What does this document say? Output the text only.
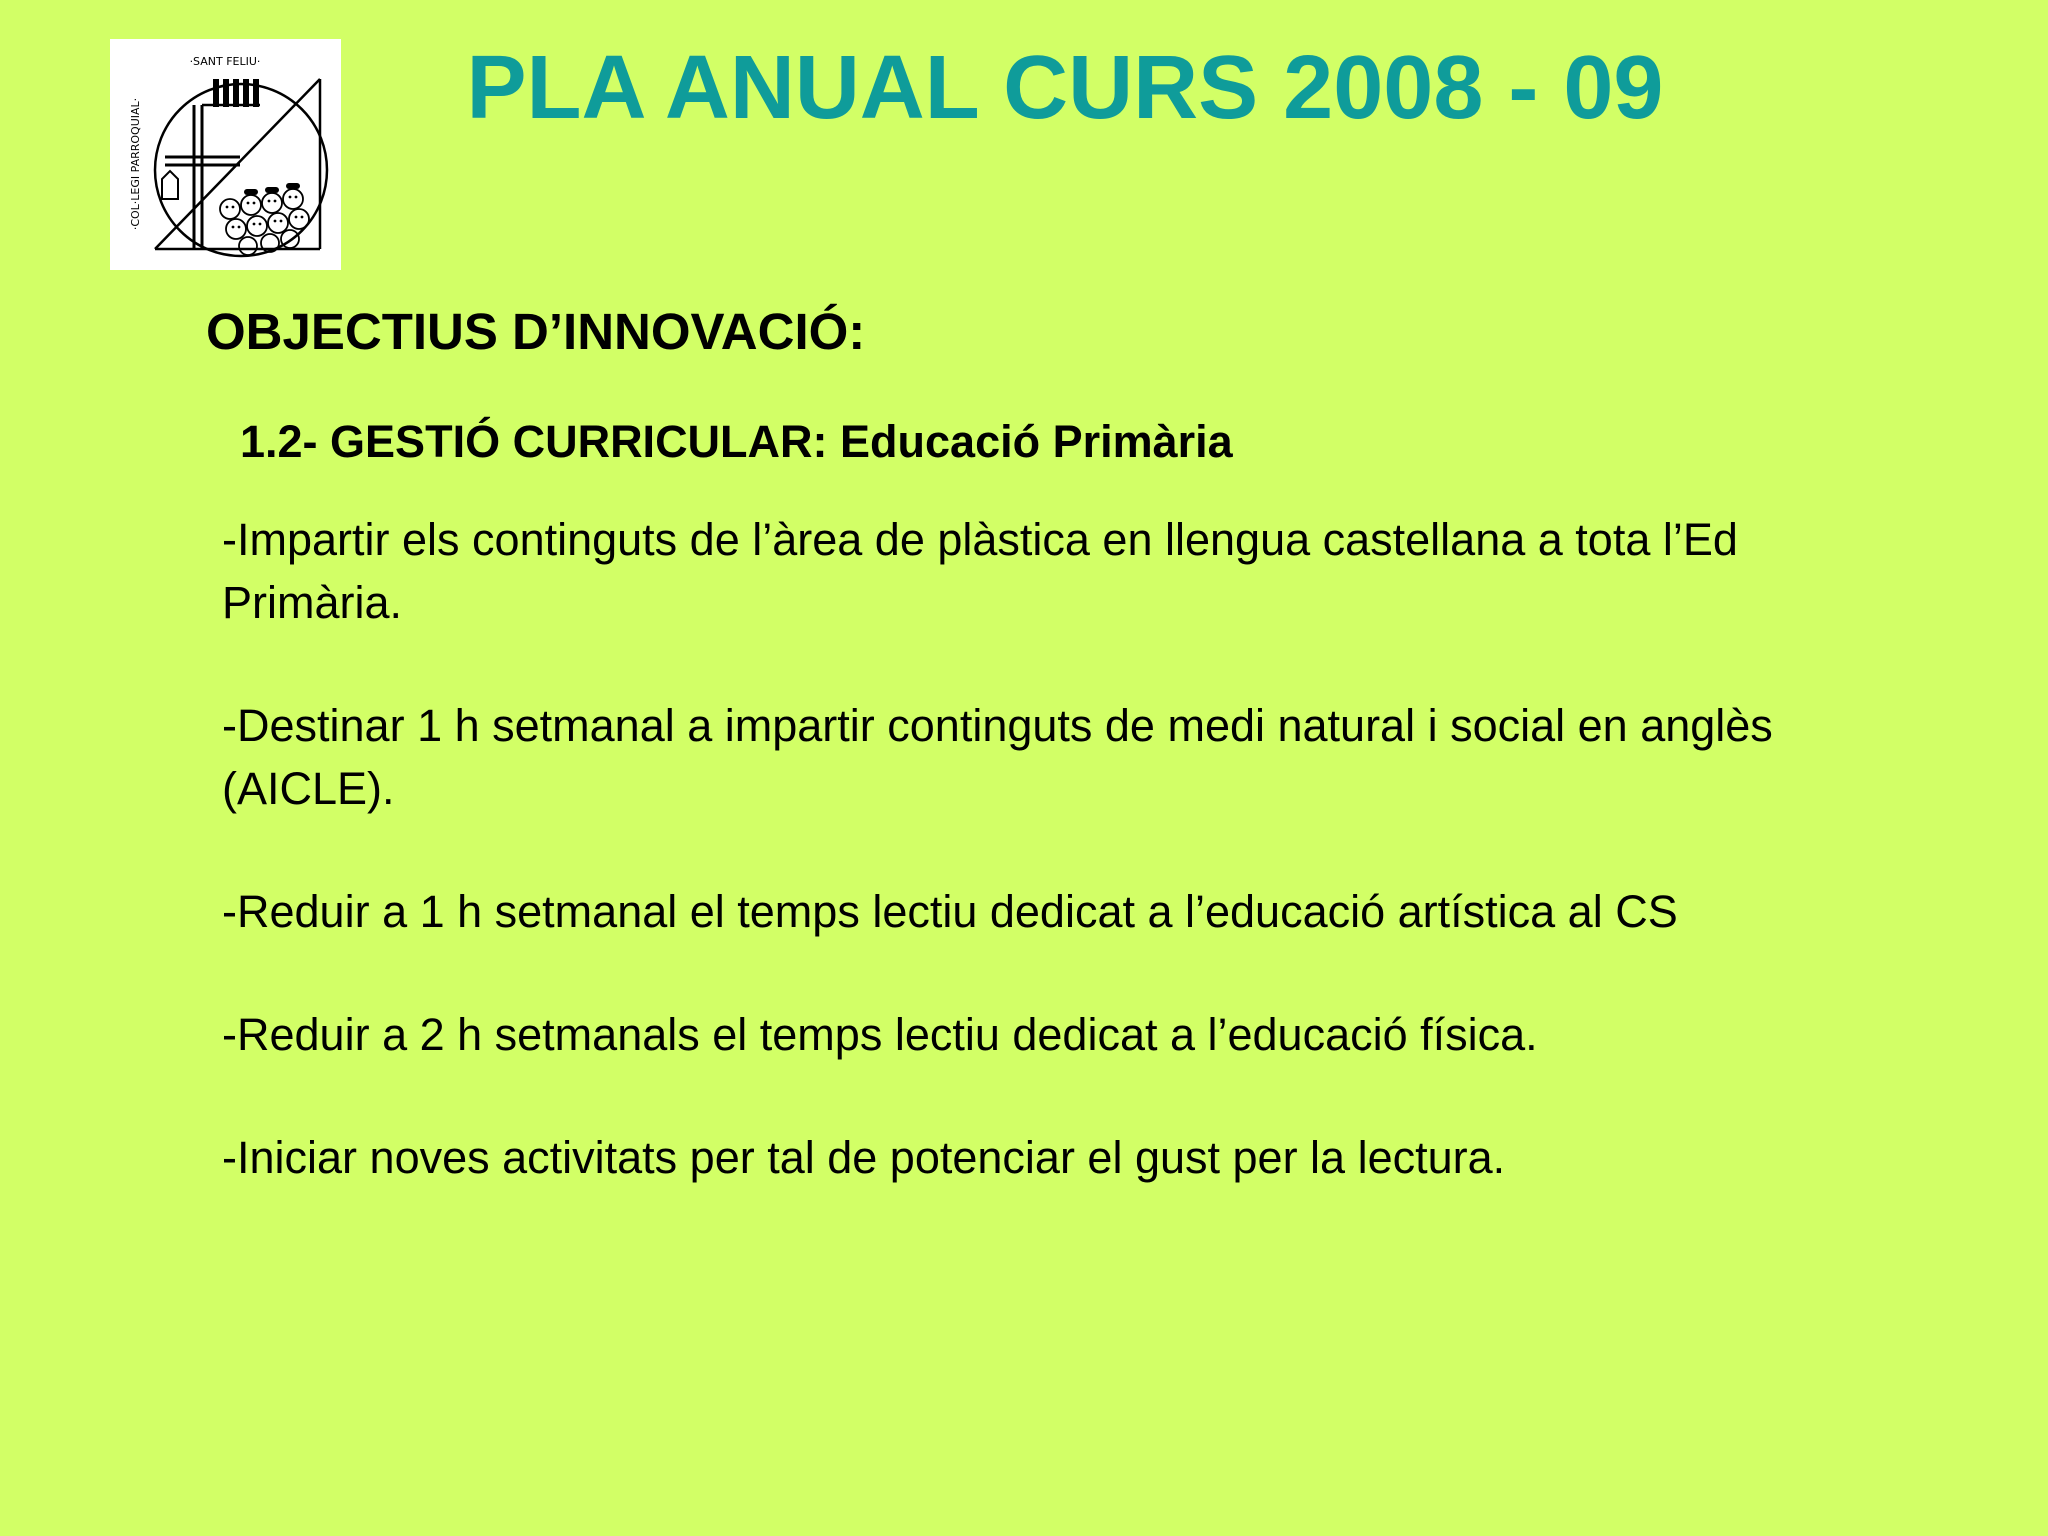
·SANT FELIU·
·COL·LEGI PARROQUIAL·
PLA ANUAL CURS 2008 - 09
OBJECTIUS D’INNOVACIÓ:
1.2- GESTIÓ CURRICULAR: Educació Primària
-Impartir els continguts de l’àrea de plàstica en llengua castellana a tota l’Ed Primària.
-Destinar 1 h setmanal a impartir continguts de medi natural i social en anglès (AICLE).
-Reduir a 1 h setmanal el temps lectiu dedicat a l’educació artística al CS
-Reduir a 2 h setmanals el temps lectiu dedicat a l’educació física.
-Iniciar noves activitats per tal de potenciar el gust per la lectura.
